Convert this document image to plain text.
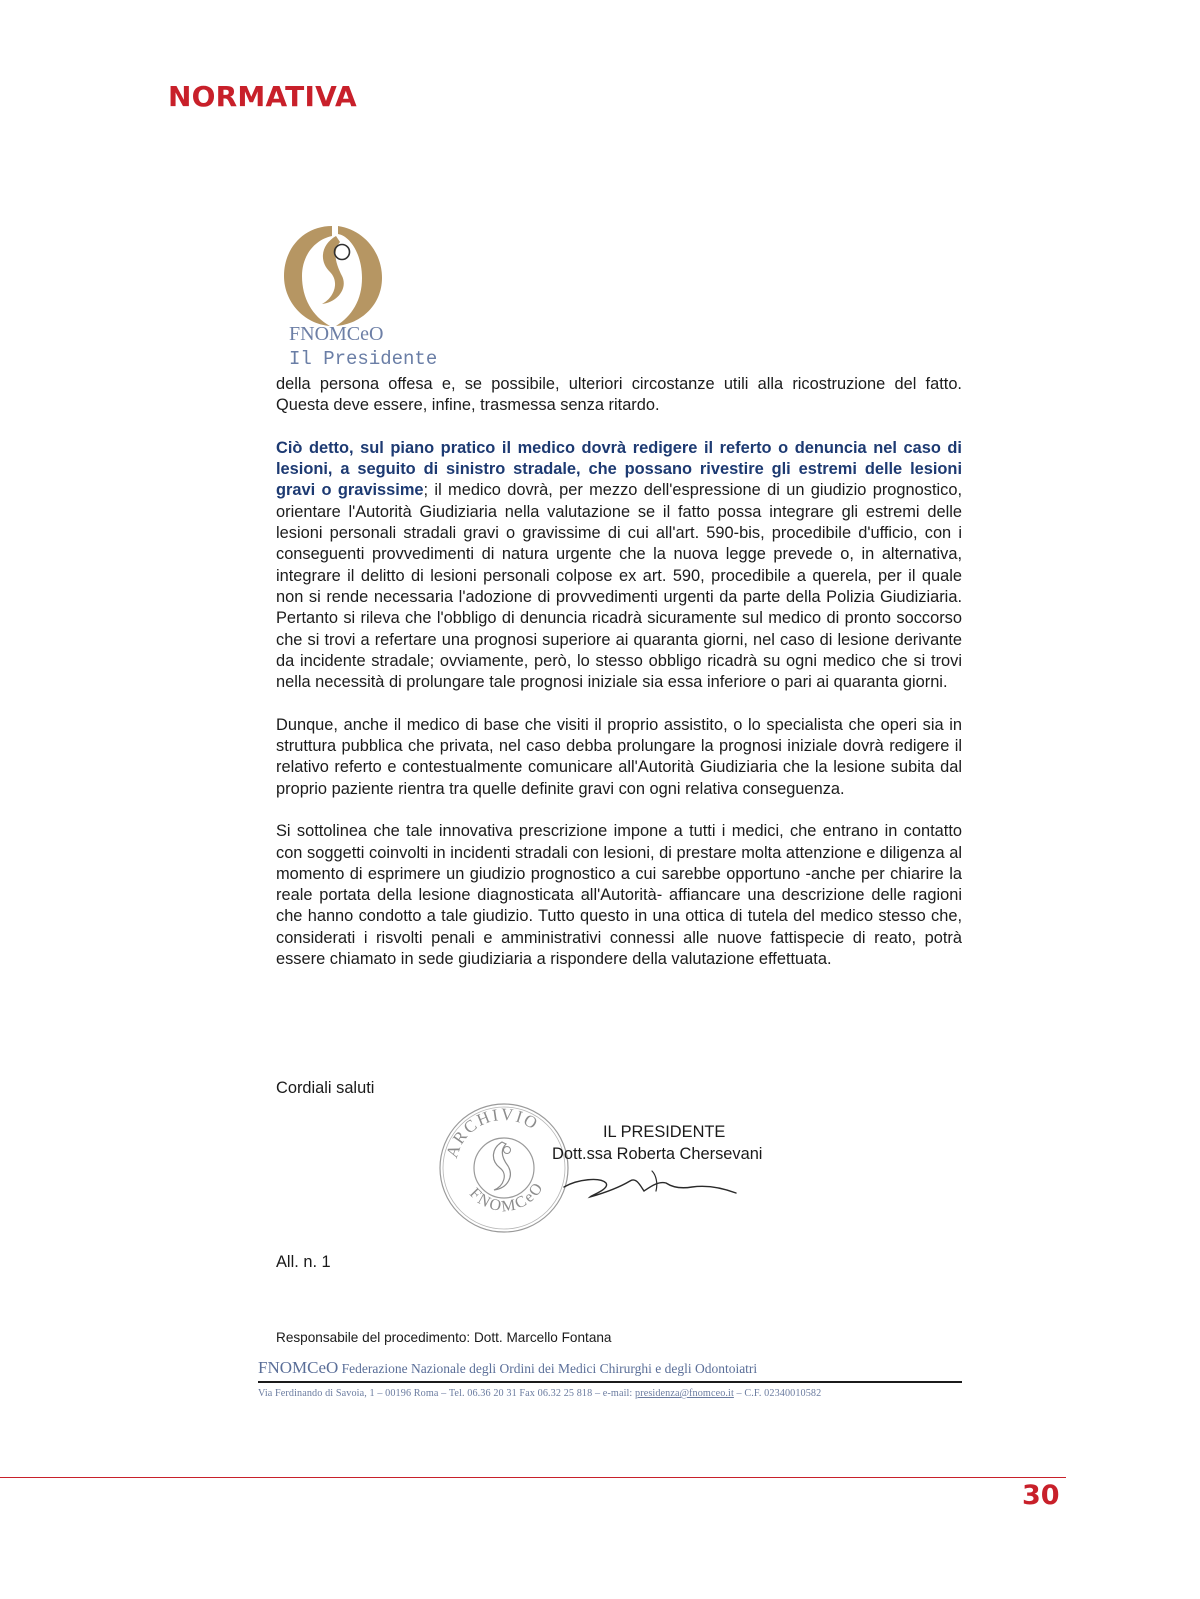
NORMATIVA
FNOMCeO
Il Presidente

della persona offesa e, se possibile, ulteriori circostanze utili alla ricostruzione del fatto. Questa deve essere, infine, trasmessa senza ritardo.

Ciò detto, sul piano pratico il medico dovrà redigere il referto o denuncia nel caso di lesioni, a seguito di sinistro stradale, che possano rivestire gli estremi delle lesioni gravi o gravissime; il medico dovrà, per mezzo dell'espressione di un giudizio prognostico, orientare l'Autorità Giudiziaria nella valutazione se il fatto possa integrare gli estremi delle lesioni personali stradali gravi o gravissime di cui all'art. 590-bis, procedibile d'ufficio, con i conseguenti provvedimenti di natura urgente che la nuova legge prevede o, in alternativa, integrare il delitto di lesioni personali colpose ex art. 590, procedibile a querela, per il quale non si rende necessaria l'adozione di provvedimenti urgenti da parte della Polizia Giudiziaria. Pertanto si rileva che l'obbligo di denuncia ricadrà sicuramente sul medico di pronto soccorso che si trovi a refertare una prognosi superiore ai quaranta giorni, nel caso di lesione derivante da incidente stradale; ovviamente, però, lo stesso obbligo ricadrà su ogni medico che si trovi nella necessità di prolungare tale prognosi iniziale sia essa inferiore o pari ai quaranta giorni.

Dunque, anche il medico di base che visiti il proprio assistito, o lo specialista che operi sia in struttura pubblica che privata, nel caso debba prolungare la prognosi iniziale dovrà redigere il relativo referto e contestualmente comunicare all'Autorità Giudiziaria che la lesione subita dal proprio paziente rientra tra quelle definite gravi con ogni relativa conseguenza.

Si sottolinea che tale innovativa prescrizione impone a tutti i medici, che entrano in contatto con soggetti coinvolti in incidenti stradali con lesioni, di prestare molta attenzione e diligenza al momento di esprimere un giudizio prognostico a cui sarebbe opportuno -anche per chiarire la reale portata della lesione diagnosticata all'Autorità- affiancare una descrizione delle ragioni che hanno condotto a tale giudizio. Tutto questo in una ottica di tutela del medico stesso che, considerati i risvolti penali e amministrativi connessi alle nuove fattispecie di reato, potrà essere chiamato in sede giudiziaria a rispondere della valutazione effettuata.

Cordiali saluti
ARCHIVIO
FNOMCeO
IL PRESIDENTE
Dott.ssa Roberta Chersevani
All. n. 1
Responsabile del procedimento: Dott. Marcello Fontana
FNOMCeO Federazione Nazionale degli Ordini dei Medici Chirurghi e degli Odontoiatri
Via Ferdinando di Savoia, 1 – 00196 Roma – Tel. 06.36 20 31 Fax 06.32 25 818 – e-mail: presidenza@fnomceo.it – C.F. 02340010582
30
